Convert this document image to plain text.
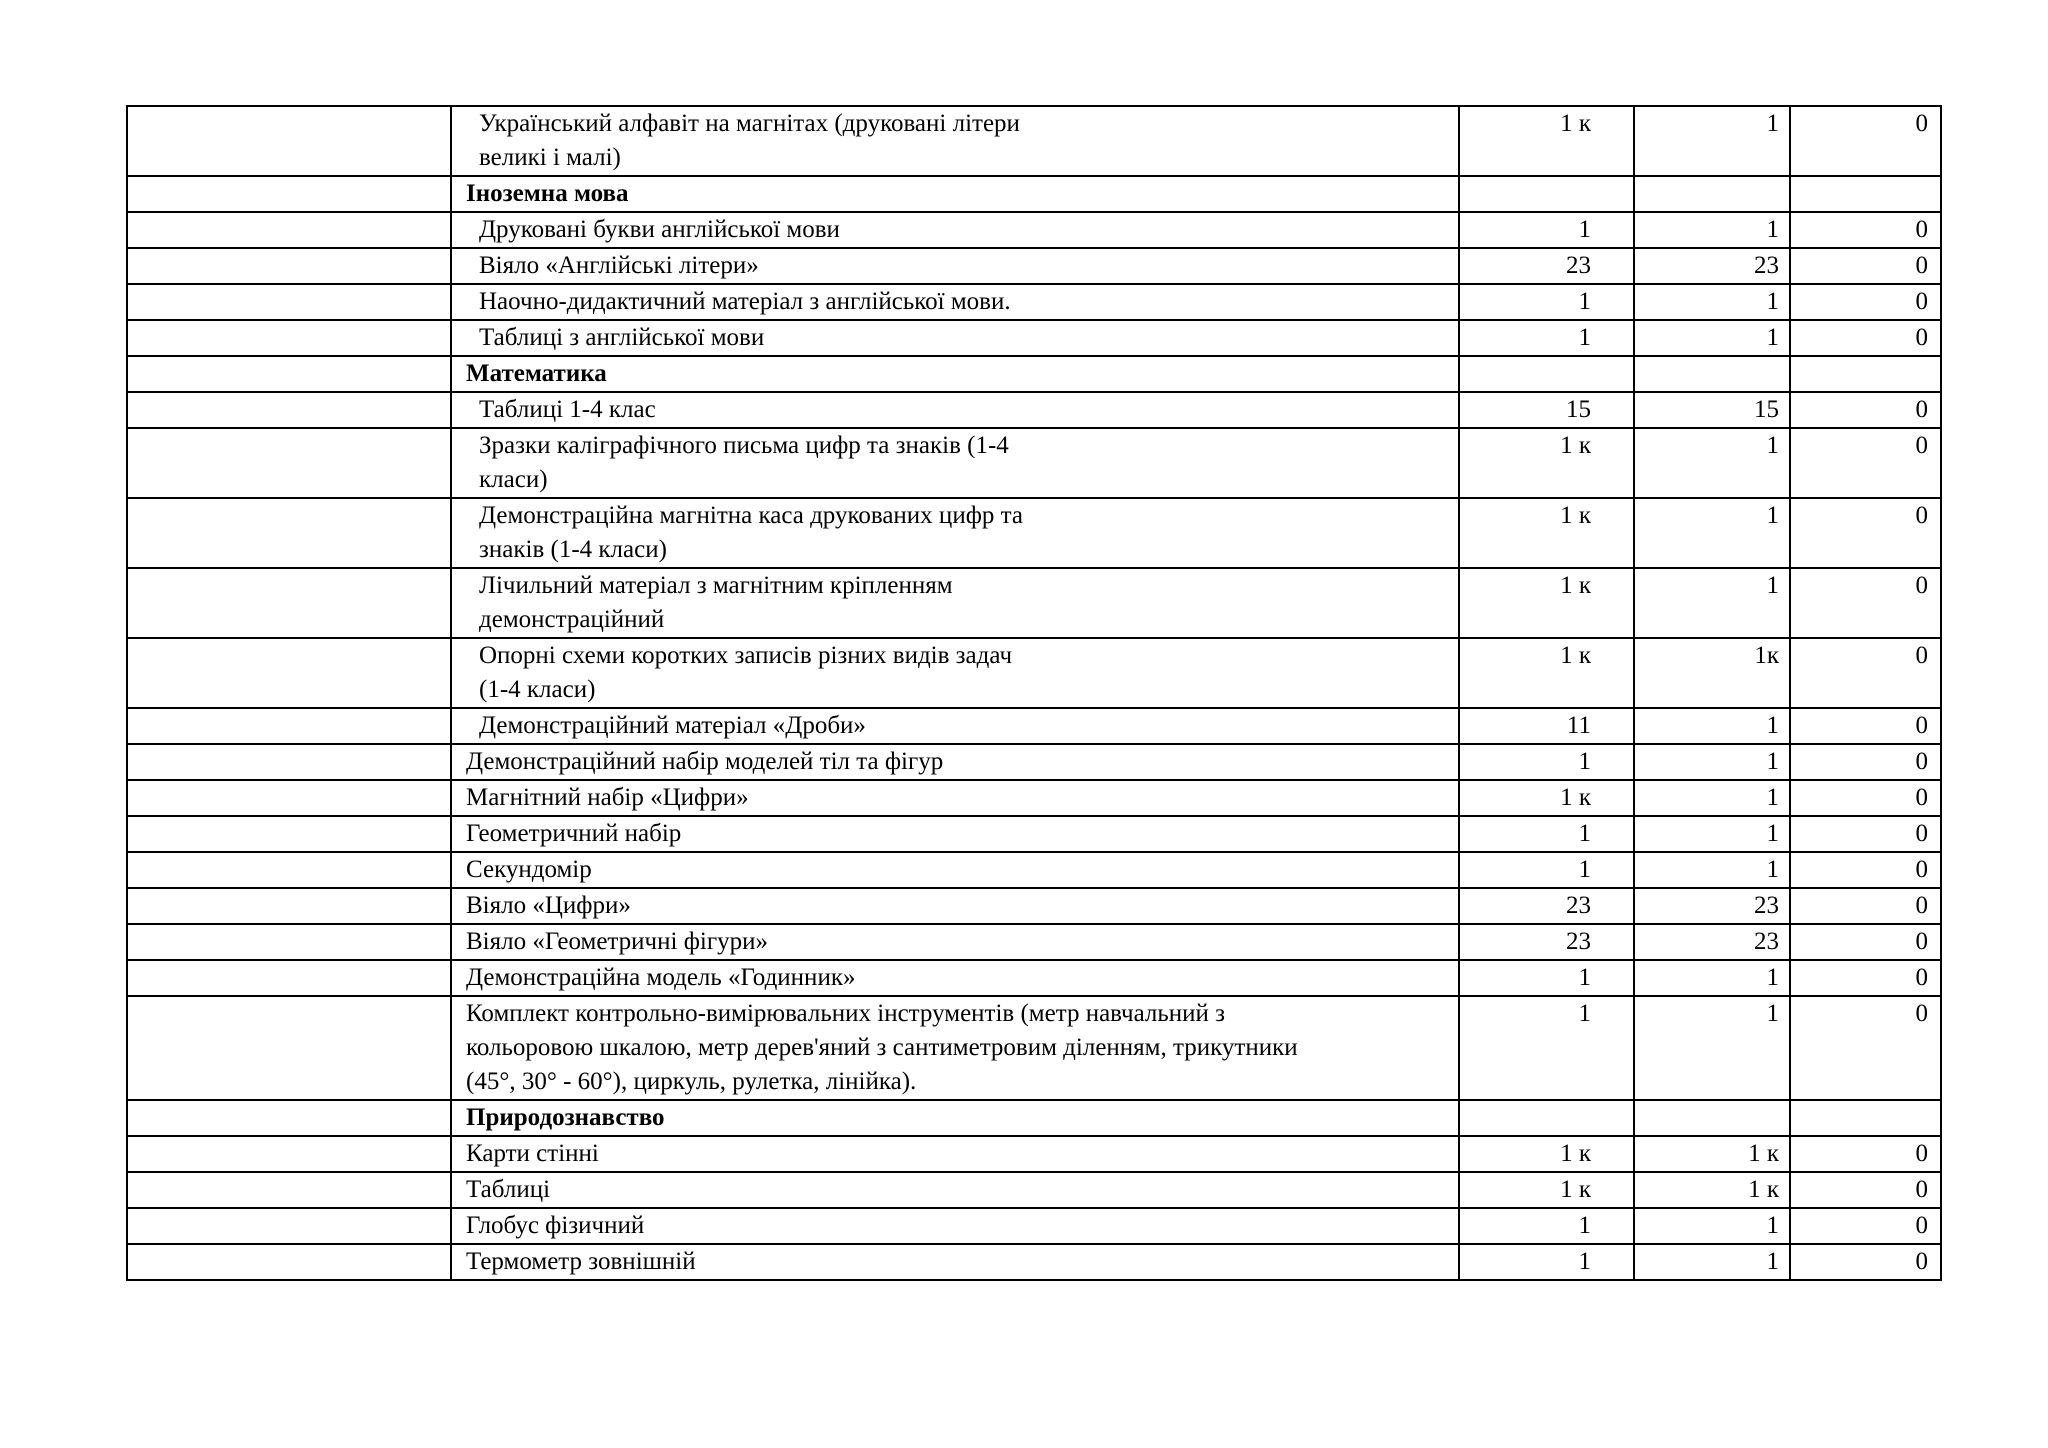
	Український алфавіт на магнітах (друковані літери
великі і малі)	1 к	1	0
	Іноземна мова			
	Друковані букви англійської мови	1	1	0
	Віяло «Англійські літери»	23	23	0
	Наочно-дидактичний матеріал з англійської мови.	1	1	0
	Таблиці з англійської мови	1	1	0
	Математика			
	Таблиці 1-4 клас	15	15	0
	Зразки каліграфічного письма цифр та знаків (1-4
класи)	1 к	1	0
	Демонстраційна магнітна каса друкованих цифр та
знаків (1-4 класи)	1 к	1	0
	Лічильний матеріал з магнітним кріпленням
демонстраційний	1 к	1	0
	Опорні схеми коротких записів різних видів задач
(1-4 класи)	1 к	1к	0
	Демонстраційний матеріал «Дроби»	11	1	0
	Демонстраційний набір моделей тіл та фігур	1	1	0
	Магнітний набір «Цифри»	1 к	1	0
	Геометричний набір	1	1	0
	Секундомір	1	1	0
	Віяло «Цифри»	23	23	0
	Віяло «Геометричні фігури»	23	23	0
	Демонстраційна модель «Годинник»	1	1	0
	Комплект контрольно-вимірювальних інструментів (метр навчальний з
кольоровою шкалою, метр дерев'яний з сантиметровим діленням, трикутники
(45°, 30° - 60°), циркуль, рулетка, лінійка).	1	1	0
	Природознавство			
	Карти стінні	1 к	1 к	0
	Таблиці	1 к	1 к	0
	Глобус фізичний	1	1	0
	Термометр зовнішній	1	1	0
